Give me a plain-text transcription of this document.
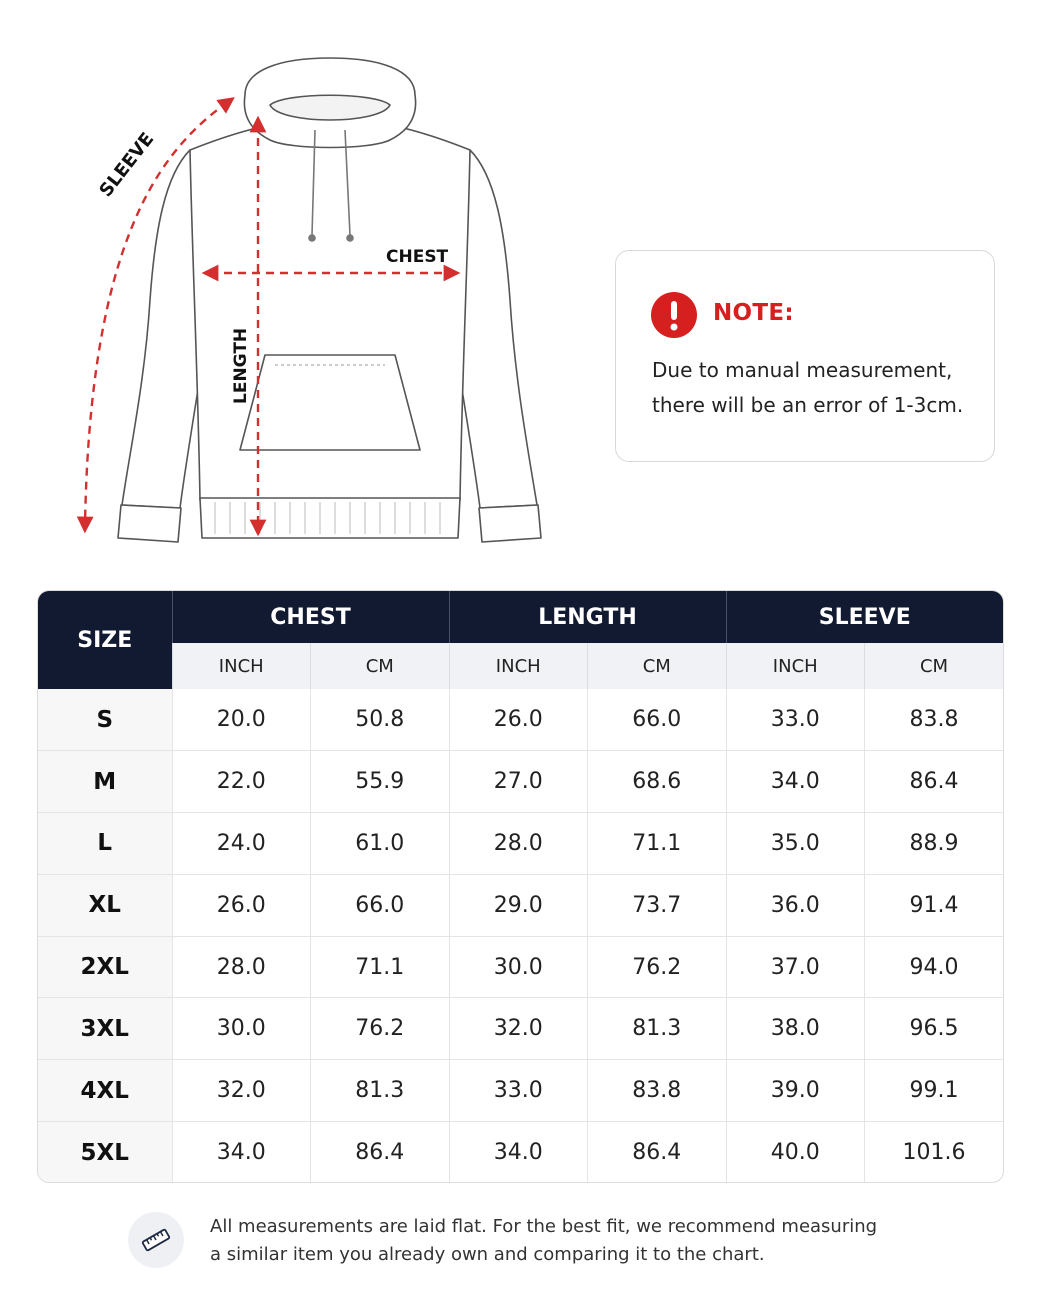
SLEEVE
CHEST
LENGTH
NOTE:
Due to manual measurement,
there will be an error of 1-3cm.
SIZE	CHEST		LENGTH		SLEEVE	
	INCH	CM	INCH	CM	INCH	CM
S	20.0	50.8	26.0	66.0	33.0	83.8
M	22.0	55.9	27.0	68.6	34.0	86.4
L	24.0	61.0	28.0	71.1	35.0	88.9
XL	26.0	66.0	29.0	73.7	36.0	91.4
2XL	28.0	71.1	30.0	76.2	37.0	94.0
3XL	30.0	76.2	32.0	81.3	38.0	96.5
4XL	32.0	81.3	33.0	83.8	39.0	99.1
5XL	34.0	86.4	34.0	86.4	40.0	101.6
All measurements are laid flat. For the best fit, we recommend measuring
a similar item you already own and comparing it to the chart.
